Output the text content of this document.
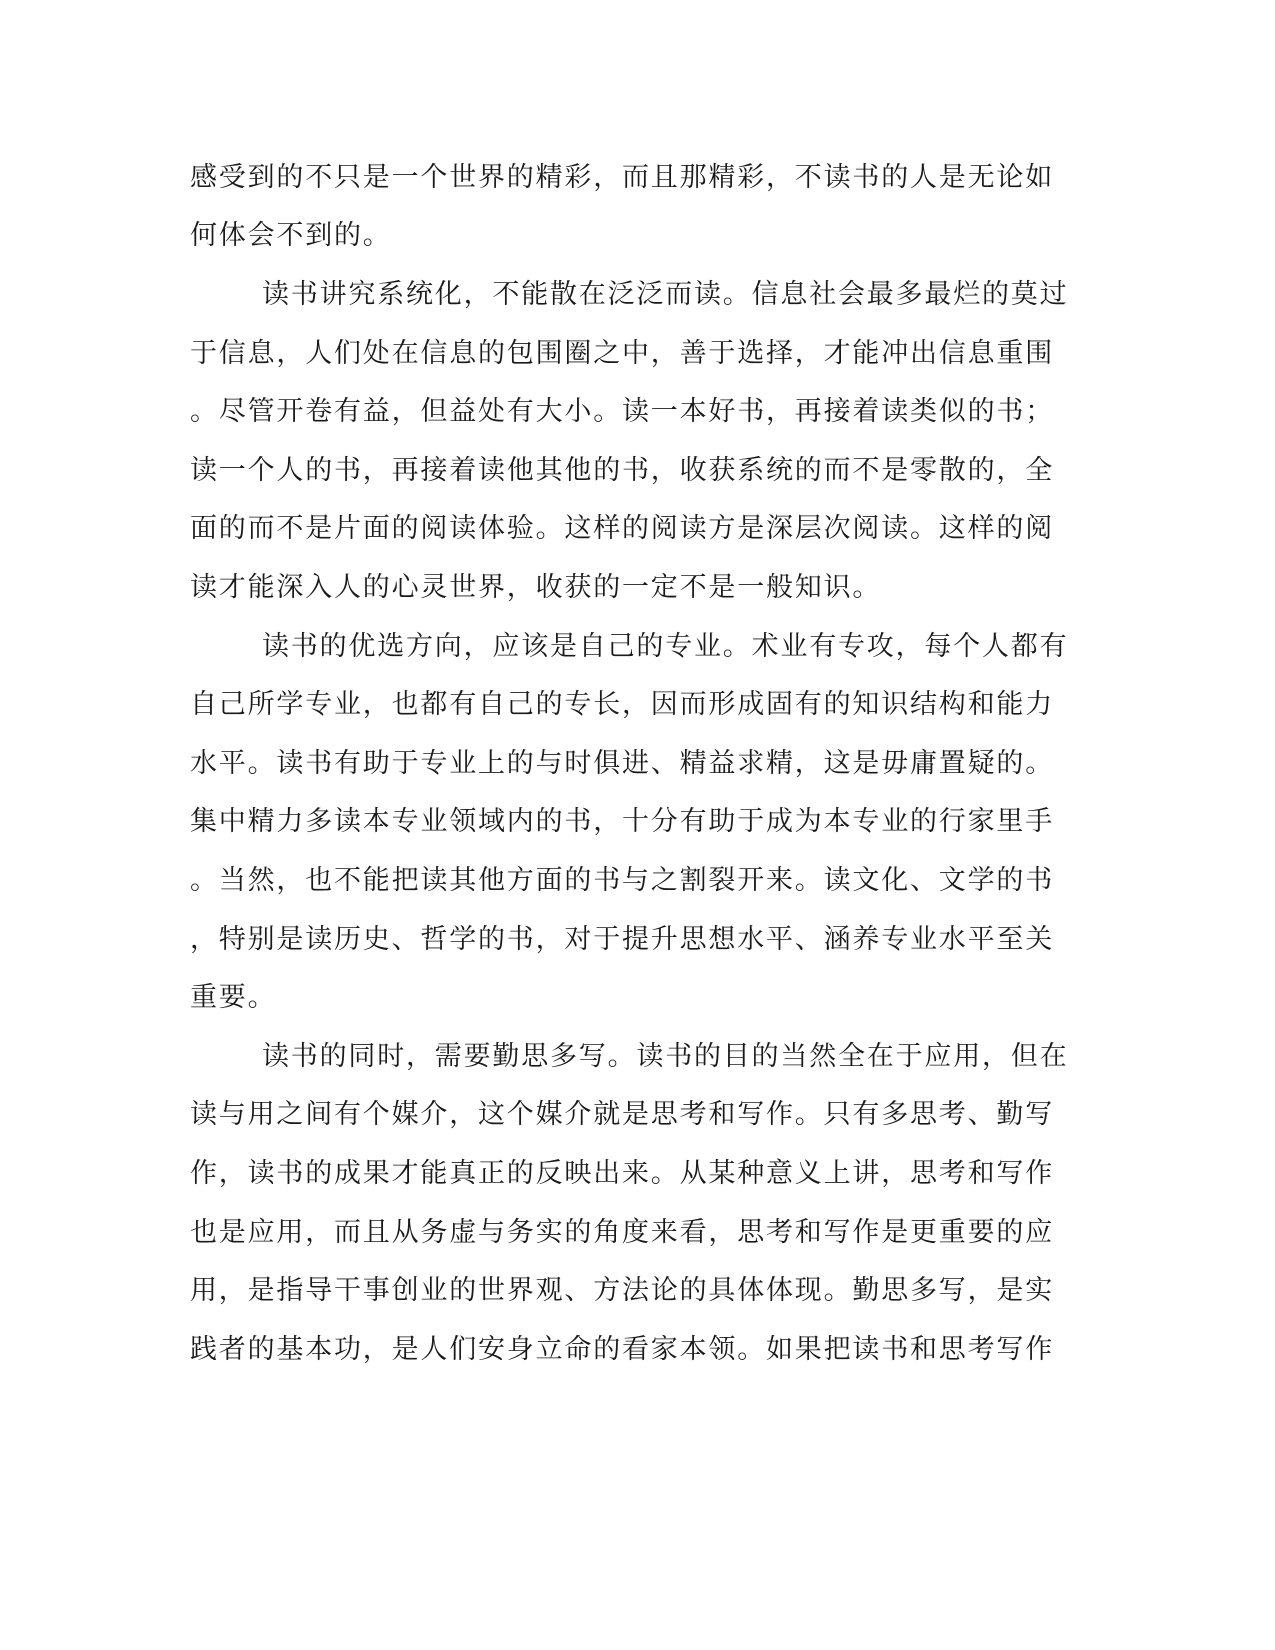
感受到的不只是一个世界的精彩，而且那精彩，不读书的人是无论如
何体会不到的。
读书讲究系统化，不能散在泛泛而读。信息社会最多最烂的莫过
于信息，人们处在信息的包围圈之中，善于选择，才能冲出信息重围
。尽管开卷有益，但益处有大小。读一本好书，再接着读类似的书；
读一个人的书，再接着读他其他的书，收获系统的而不是零散的，全
面的而不是片面的阅读体验。这样的阅读方是深层次阅读。这样的阅
读才能深入人的心灵世界，收获的一定不是一般知识。
读书的优选方向，应该是自己的专业。术业有专攻，每个人都有
自己所学专业，也都有自己的专长，因而形成固有的知识结构和能力
水平。读书有助于专业上的与时俱进、精益求精，这是毋庸置疑的。
集中精力多读本专业领域内的书，十分有助于成为本专业的行家里手
。当然，也不能把读其他方面的书与之割裂开来。读文化、文学的书
，特别是读历史、哲学的书，对于提升思想水平、涵养专业水平至关
重要。
读书的同时，需要勤思多写。读书的目的当然全在于应用，但在
读与用之间有个媒介，这个媒介就是思考和写作。只有多思考、勤写
作，读书的成果才能真正的反映出来。从某种意义上讲，思考和写作
也是应用，而且从务虚与务实的角度来看，思考和写作是更重要的应
用，是指导干事创业的世界观、方法论的具体体现。勤思多写，是实
践者的基本功，是人们安身立命的看家本领。如果把读书和思考写作
